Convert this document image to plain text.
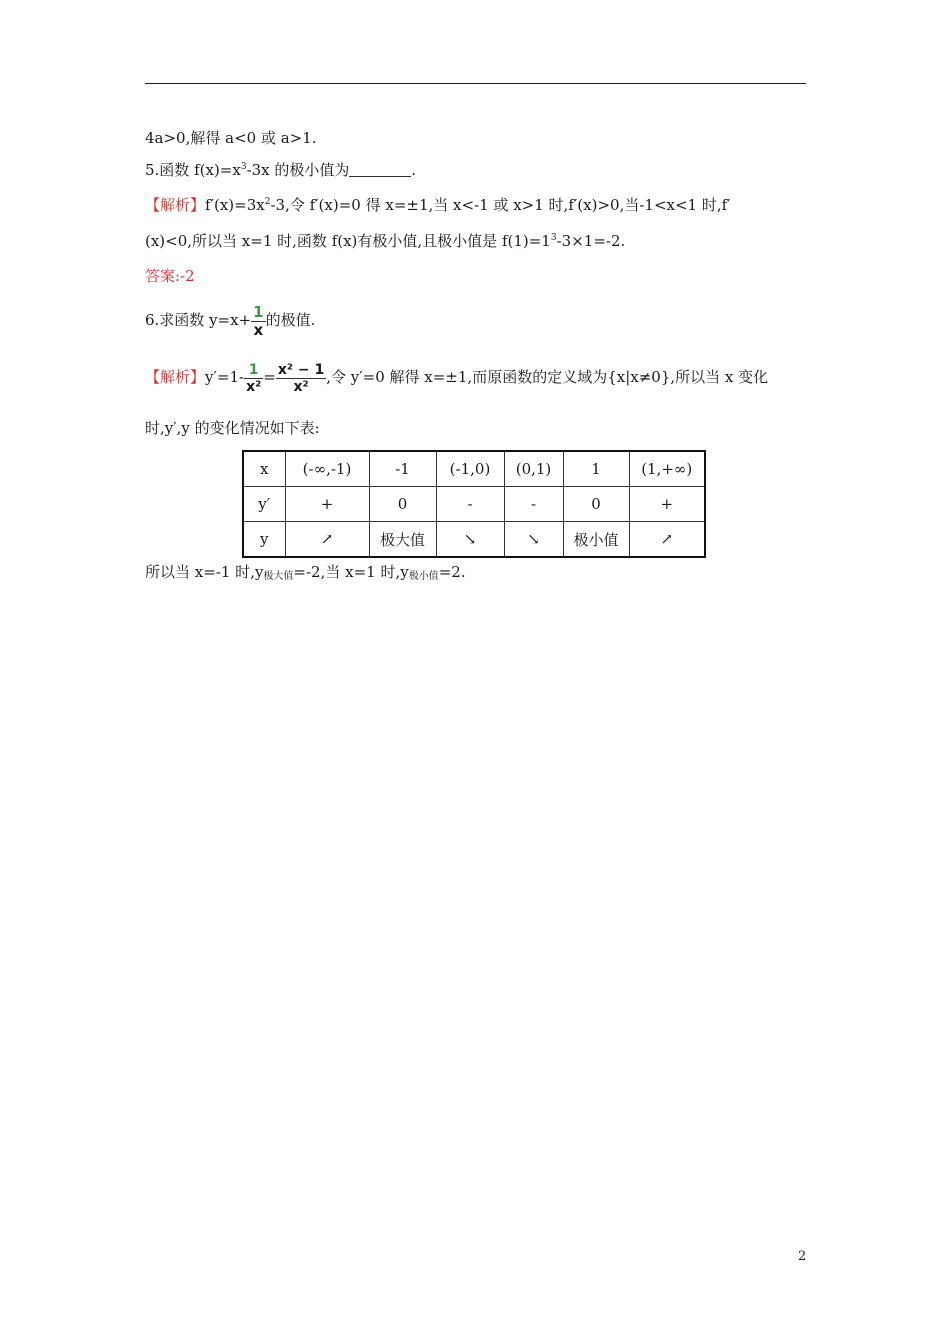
4a>0,解得 a<0 或 a>1.
5.函数 $f(x)=x^3-3x$ 的极小值为	.
【解析】$f'(x)=3x^2-3$,令 f′(x)=0 得 x=±1,当 x<-1 或 x>1 时,f′(x)>0,当-1<x<1 时,f′
(x)<0,所以当 x=1 时,函数 f(x)有极小值,且极小值是 $f(1)=1^3-3\times 1=-2$.
答案:-2
6.求函数 $y=x+ \frac{1}{x}$ 的极值.
【解析】$y'=1- \frac{1}{\text{x²}} = \frac{\text{x² − 1}}{\text{x²}}$ ,令 y′=0 解得 x=±1,而原函数的定义域为{x|x≠0},所以当 x 变化
时,y′,y 的变化情况如下表:
x	(-∞,-1)	-1	(-1,0)	(0,1)	1	(1,+∞)
y′	+	0	-	-	0	+
y	↗	极大值	↘	↘	极小值	↗
所以当 x=-1 时$,y_{极大值}=-2$,当 x=1 时$,y_{极小值}=2$.
2
